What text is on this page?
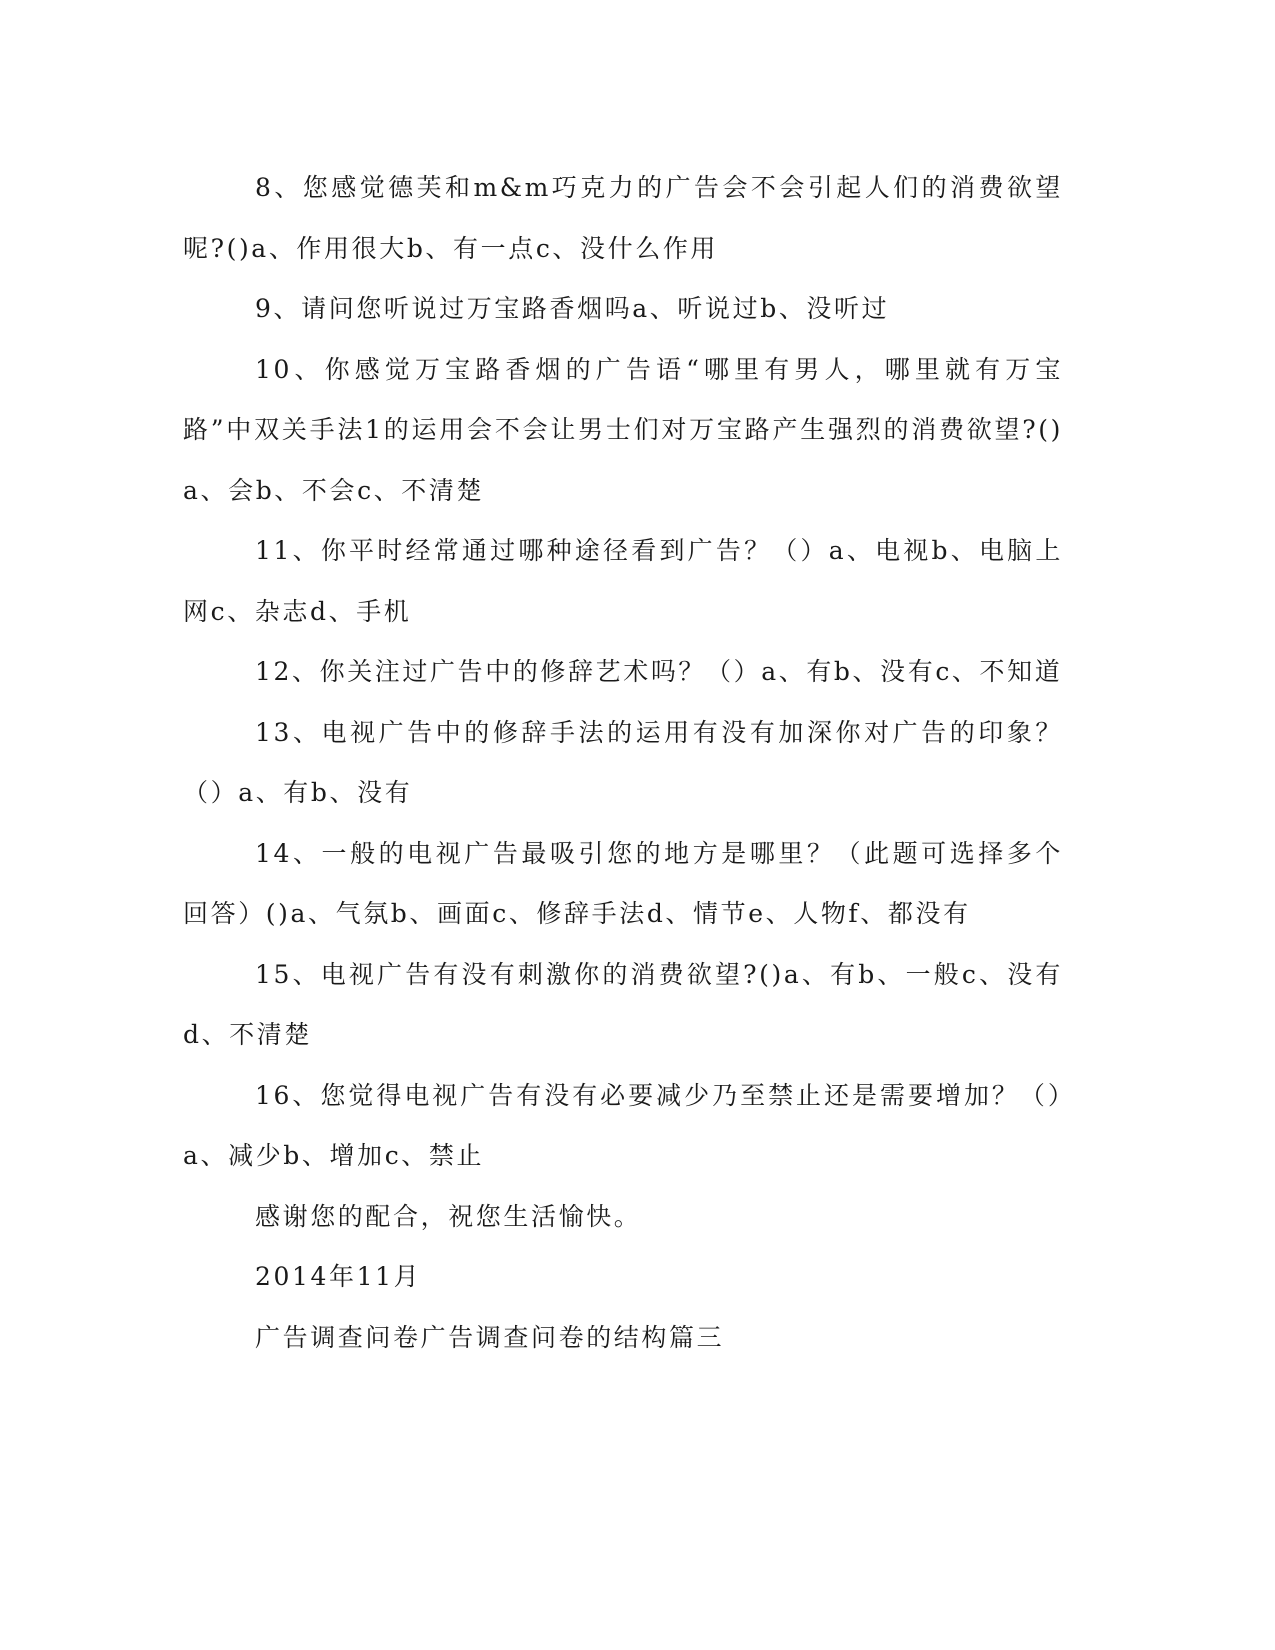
8、您感觉德芙和m&m巧克力的广告会不会引起人们的消费欲望呢?()a、作用很大b、有一点c、没什么作用

9、请问您听说过万宝路香烟吗a、听说过b、没听过

10、你感觉万宝路香烟的广告语“哪里有男人，哪里就有万宝路”中双关手法1的运用会不会让男士们对万宝路产生强烈的消费欲望?()a、会b、不会c、不清楚

11、你平时经常通过哪种途径看到广告？（）a、电视b、电脑上网c、杂志d、手机

12、你关注过广告中的修辞艺术吗？（）a、有b、没有c、不知道

13、电视广告中的修辞手法的运用有没有加深你对广告的印象？（）a、有b、没有

14、一般的电视广告最吸引您的地方是哪里？（此题可选择多个回答）()a、气氛b、画面c、修辞手法d、情节e、人物f、都没有

15、电视广告有没有刺激你的消费欲望?()a、有b、一般c、没有d、不清楚

16、您觉得电视广告有没有必要减少乃至禁止还是需要增加？（）a、减少b、增加c、禁止

感谢您的配合，祝您生活愉快。

2014年11月

广告调查问卷广告调查问卷的结构篇三
